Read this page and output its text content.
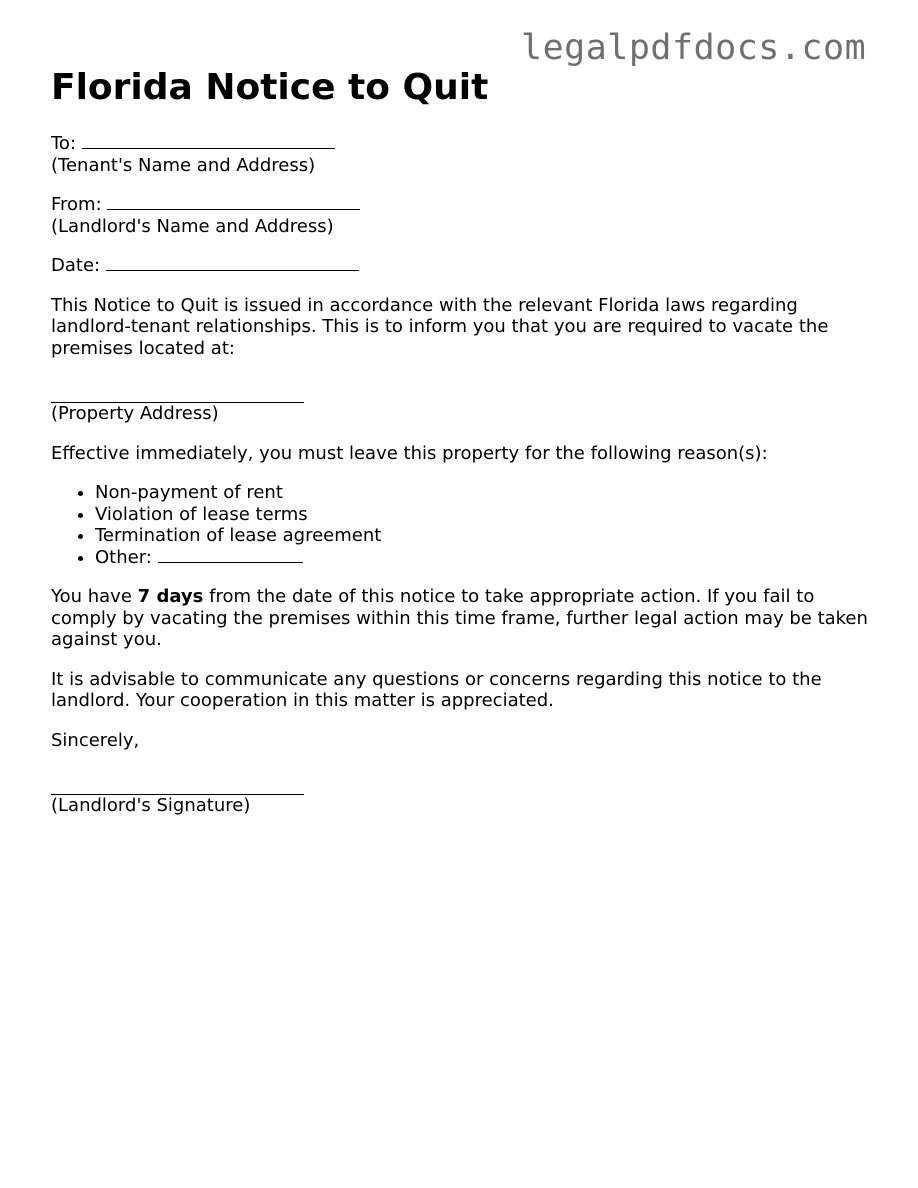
legalpdfdocs.com
Florida Notice to Quit
To:
(Tenant's Name and Address)
From:
(Landlord's Name and Address)
Date:

This Notice to Quit is issued in accordance with the relevant Florida laws regarding landlord-tenant relationships. This is to inform you that you are required to vacate the premises located at:

(Property Address)

Effective immediately, you must leave this property for the following reason(s):

• Non-payment of rent
• Violation of lease terms
• Termination of lease agreement
• Other:

You have 7 days from the date of this notice to take appropriate action. If you fail to comply by vacating the premises within this time frame, further legal action may be taken against you.

It is advisable to communicate any questions or concerns regarding this notice to the landlord. Your cooperation in this matter is appreciated.

Sincerely,

(Landlord's Signature)
